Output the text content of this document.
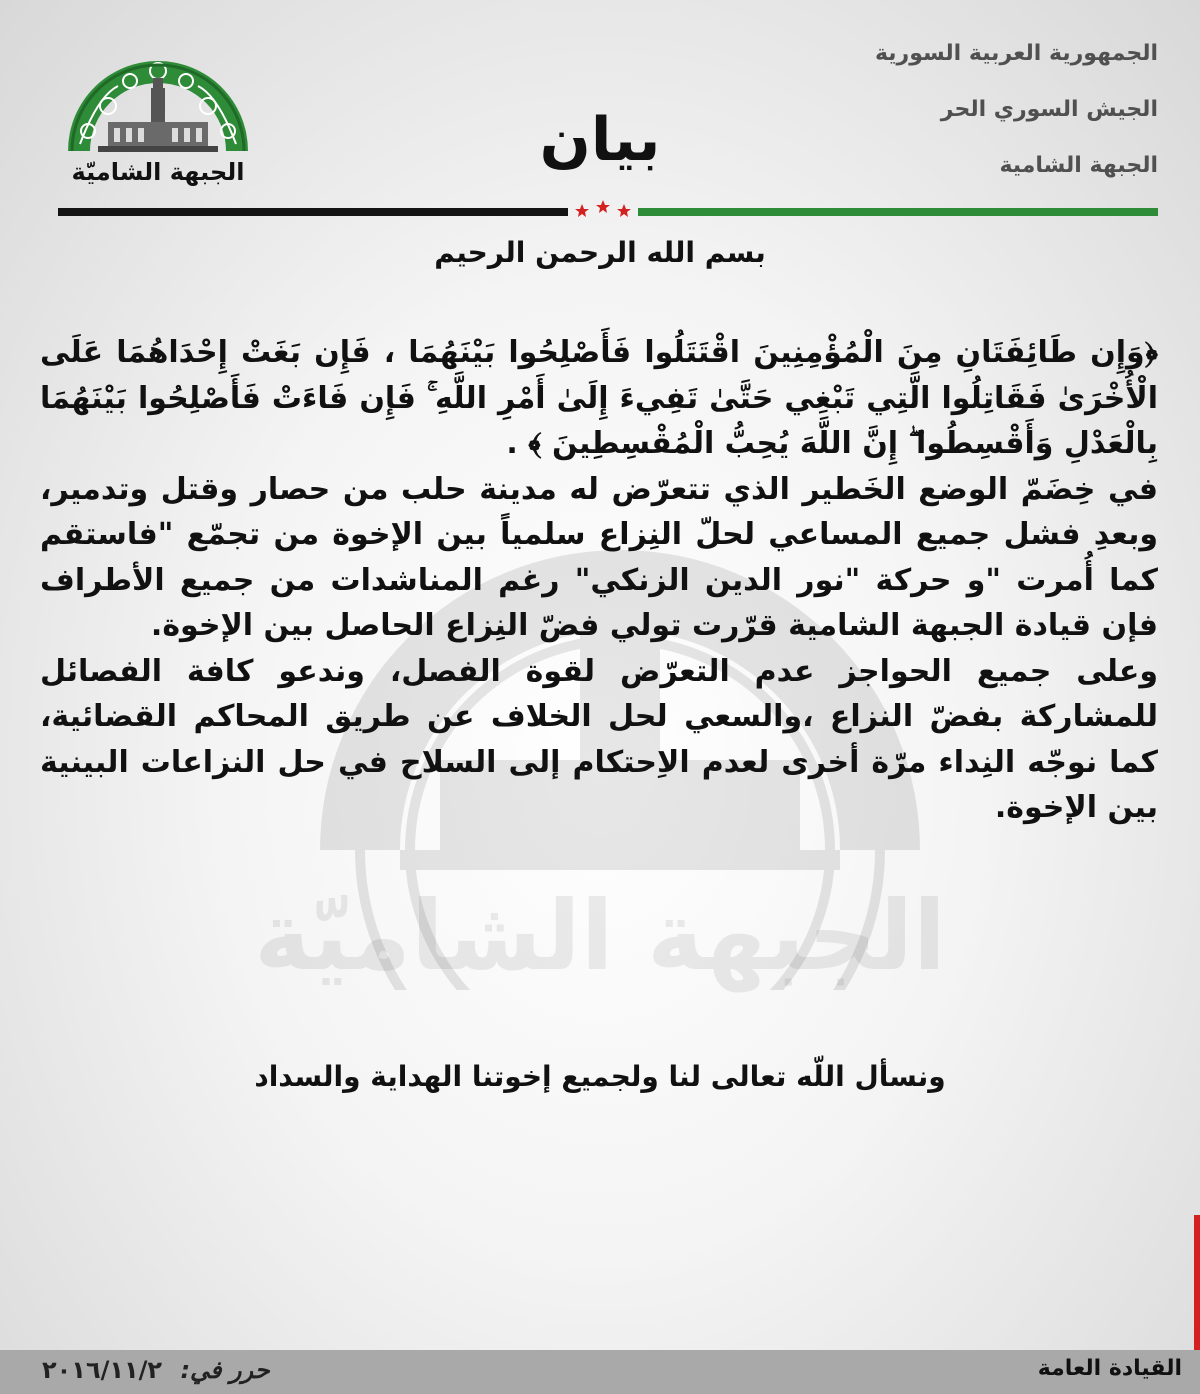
الجبهة الشاميّة
الجمهورية العربية السورية
الجيش السوري الحر
الجبهة الشامية
بيان
الجبهة الشاميّة
بسم الله الرحمن الرحيم

﴿وَإِن طَائِفَتَانِ مِنَ الْمُؤْمِنِينَ اقْتَتَلُوا فَأَصْلِحُوا بَيْنَهُمَا ، فَإِن بَغَتْ إِحْدَاهُمَا عَلَى الْأُخْرَىٰ فَقَاتِلُوا الَّتِي تَبْغِي حَتَّىٰ تَفِيءَ إِلَىٰ أَمْرِ اللَّهِ ۚ فَإِن فَاءَتْ فَأَصْلِحُوا بَيْنَهُمَا بِالْعَدْلِ وَأَقْسِطُوا ۖ إِنَّ اللَّهَ يُحِبُّ الْمُقْسِطِينَ ﴾ .

في خِضَمّ الوضع الخَطير الذي تتعرّض له مدينة حلب من حصار وقتل وتدمير، وبعدِ فشل جميع المساعي لحلّ النِزاع سلمياً بين الإخوة من تجمّع "فاستقم كما أُمرت "و حركة "نور الدين الزنكي" رغم المناشدات من جميع الأطراف فإن قيادة الجبهة الشامية قرّرت تولي فضّ النِزاع الحاصل بين الإخوة.

وعلى جميع الحواجز عدم التعرّض لقوة الفصل، وندعو كافة الفصائل للمشاركة بفضّ النزاع ،والسعي لحل الخلاف عن طريق المحاكم القضائية، كما نوجّه النِداء مرّة أخرى لعدم الاِحتكام إلى السلاح في حل النزاعات البينية بين الإخوة.

ونسأل اللّه تعالى لنا ولجميع إخوتنا الهداية والسداد
القيادة العامة
حرر في: ٢٠١٦/١١/٢
